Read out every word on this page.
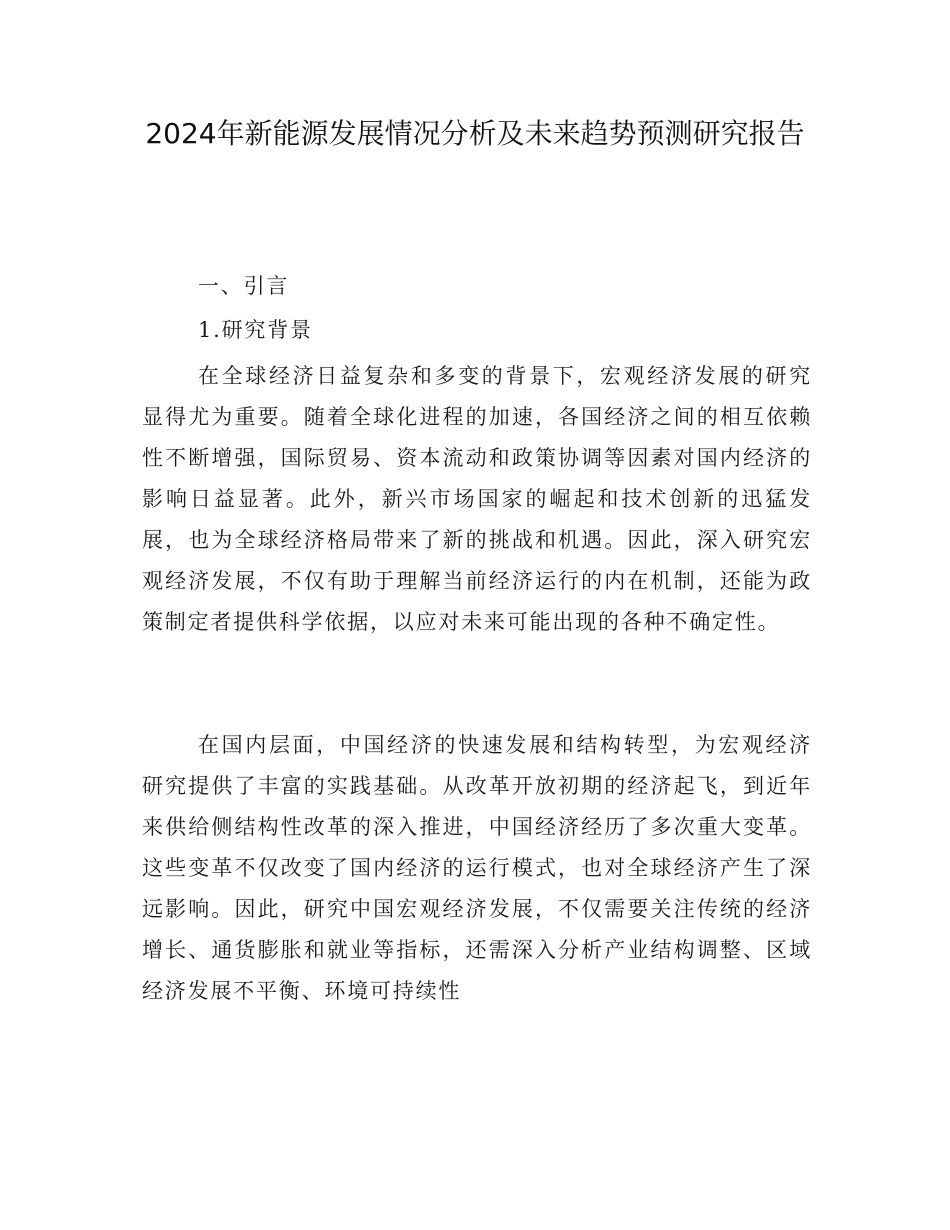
2024年新能源发展情况分析及未来趋势预测研究报告
一、引言
1.研究背景
在全球经济日益复杂和多变的背景下，宏观经济发展的研究显得尤为重要。随着全球化进程的加速，各国经济之间的相互依赖性不断增强，国际贸易、资本流动和政策协调等因素对国内经济的影响日益显著。此外，新兴市场国家的崛起和技术创新的迅猛发展，也为全球经济格局带来了新的挑战和机遇。因此，深入研究宏观经济发展，不仅有助于理解当前经济运行的内在机制，还能为政策制定者提供科学依据，以应对未来可能出现的各种不确定性。
在国内层面，中国经济的快速发展和结构转型，为宏观经济研究提供了丰富的实践基础。从改革开放初期的经济起飞，到近年来供给侧结构性改革的深入推进，中国经济经历了多次重大变革。这些变革不仅改变了国内经济的运行模式，也对全球经济产生了深远影响。因此，研究中国宏观经济发展，不仅需要关注传统的经济增长、通货膨胀和就业等指标，还需深入分析产业结构调整、区域经济发展不平衡、环境可持续性
